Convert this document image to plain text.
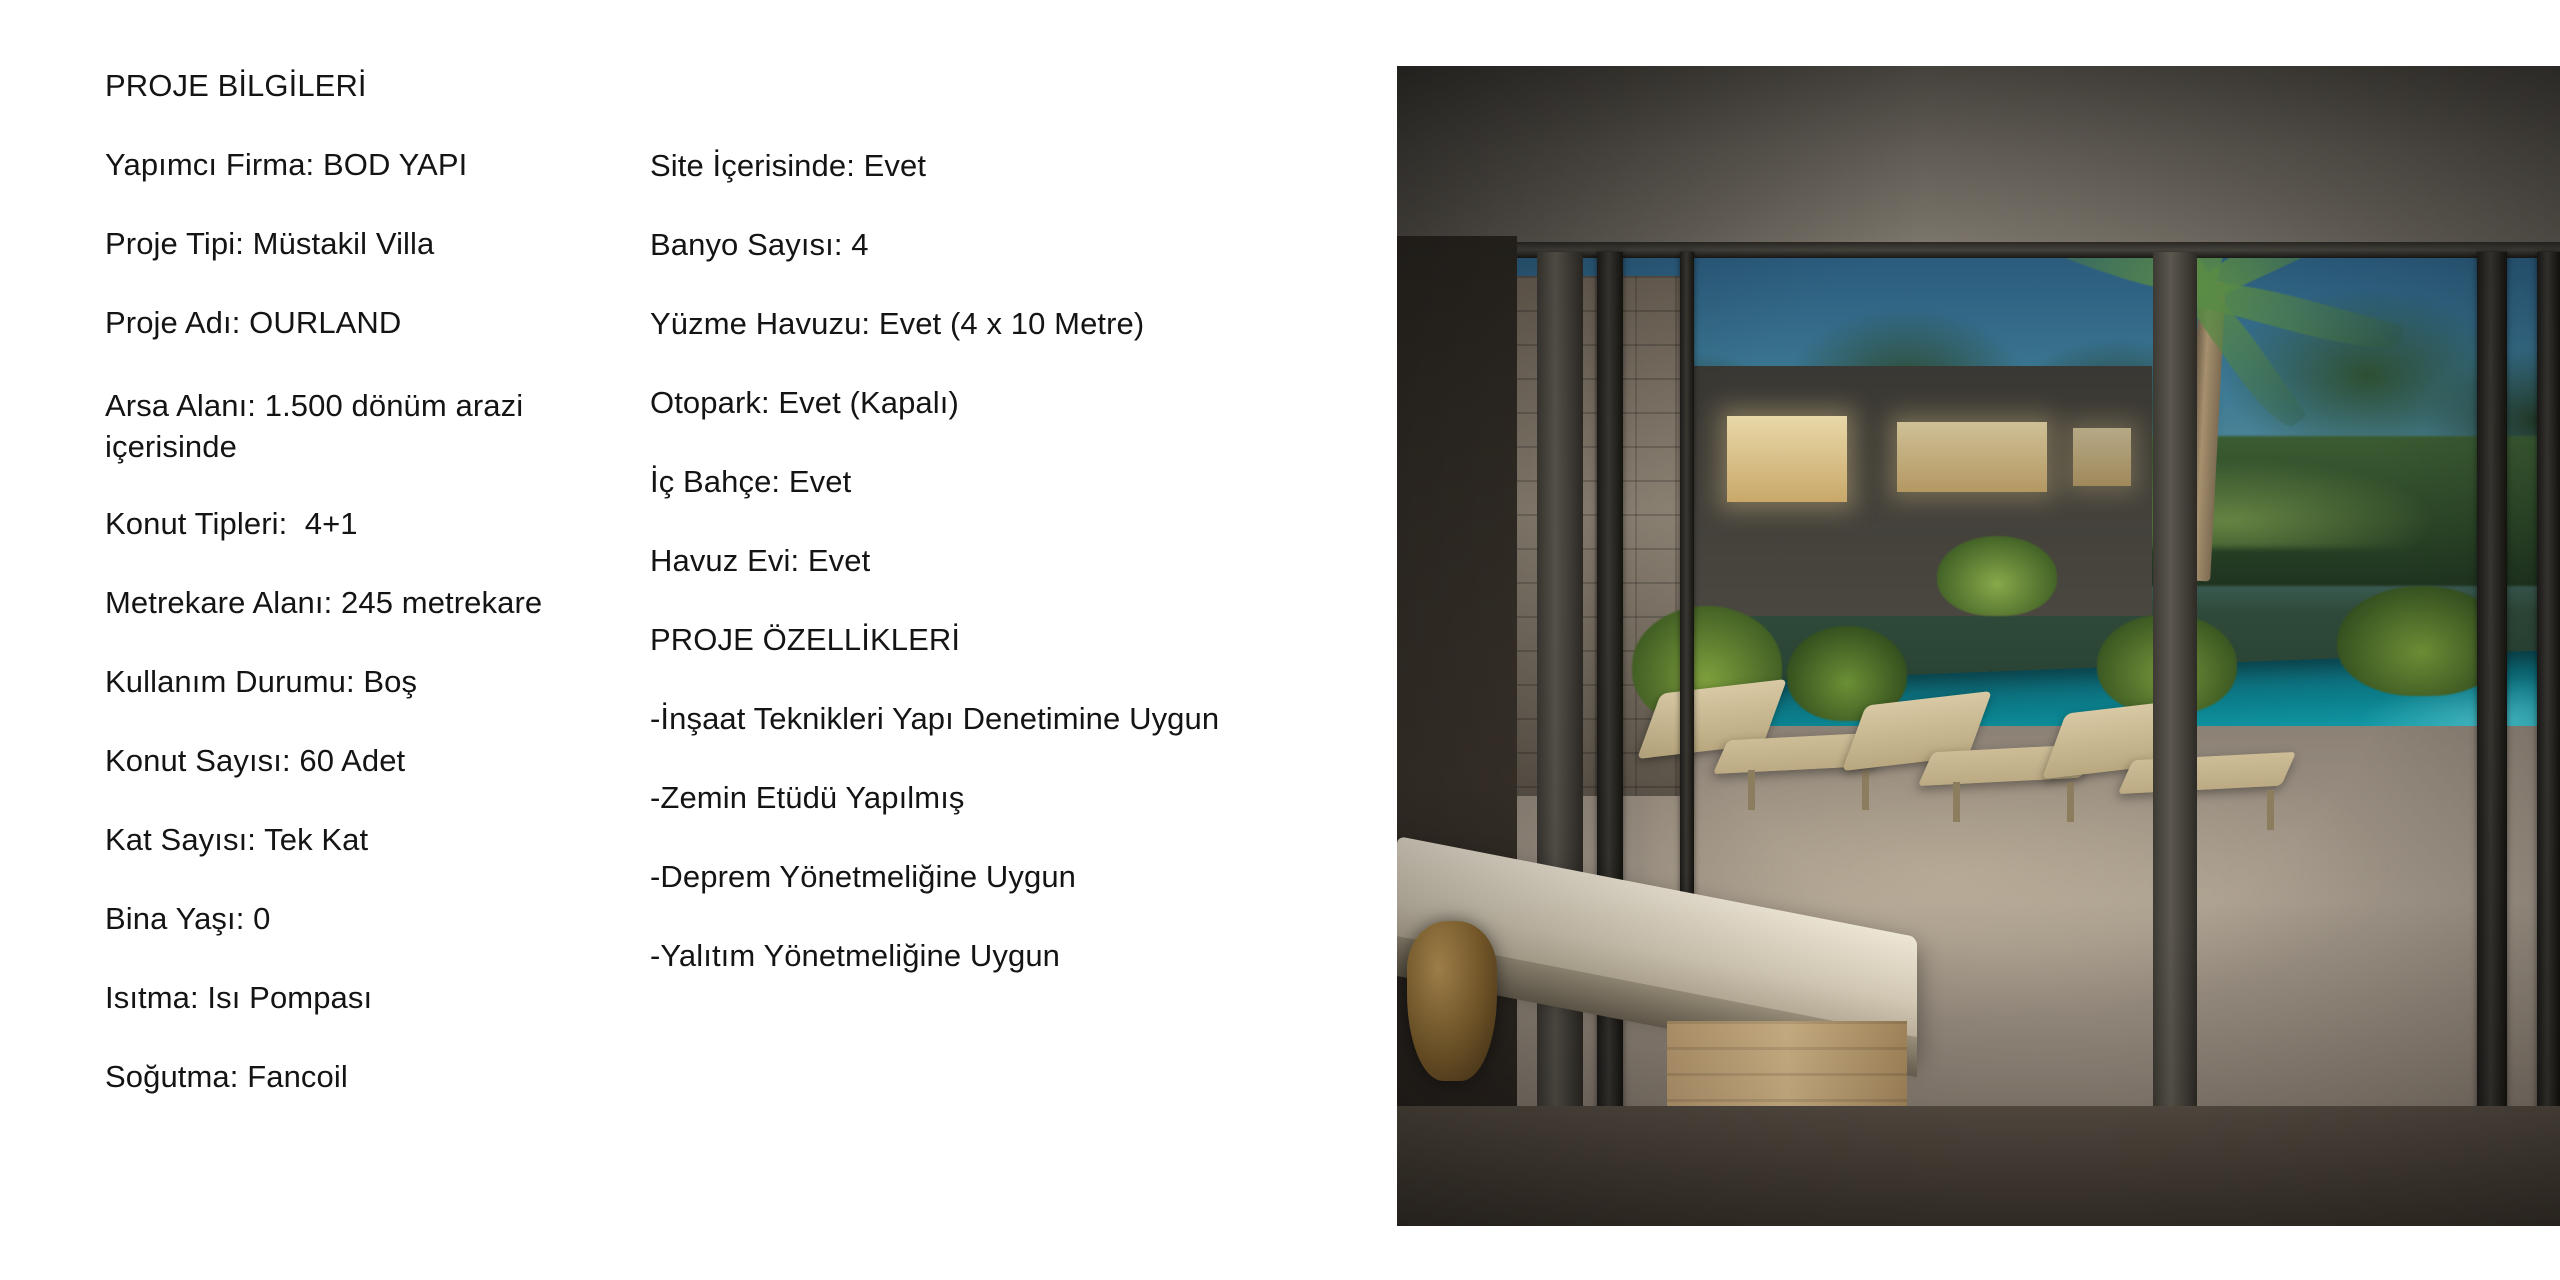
PROJE BİLGİLERİ
Yapımcı Firma: BOD YAPI
Proje Tipi: Müstakil Villa
Proje Adı: OURLAND
Arsa Alanı: 1.500 dönüm arazi içerisinde
Konut Tipleri:  4+1
Metrekare Alanı: 245 metrekare
Kullanım Durumu: Boş
Konut Sayısı: 60 Adet
Kat Sayısı: Tek Kat
Bina Yaşı: 0
Isıtma: Isı Pompası
Soğutma: Fancoil
Site İçerisinde: Evet
Banyo Sayısı: 4
Yüzme Havuzu: Evet (4 x 10 Metre)
Otopark: Evet (Kapalı)
İç Bahçe: Evet
Havuz Evi: Evet
PROJE ÖZELLİKLERİ
-İnşaat Teknikleri Yapı Denetimine Uygun
-Zemin Etüdü Yapılmış
-Deprem Yönetmeliğine Uygun
-Yalıtım Yönetmeliğine Uygun
